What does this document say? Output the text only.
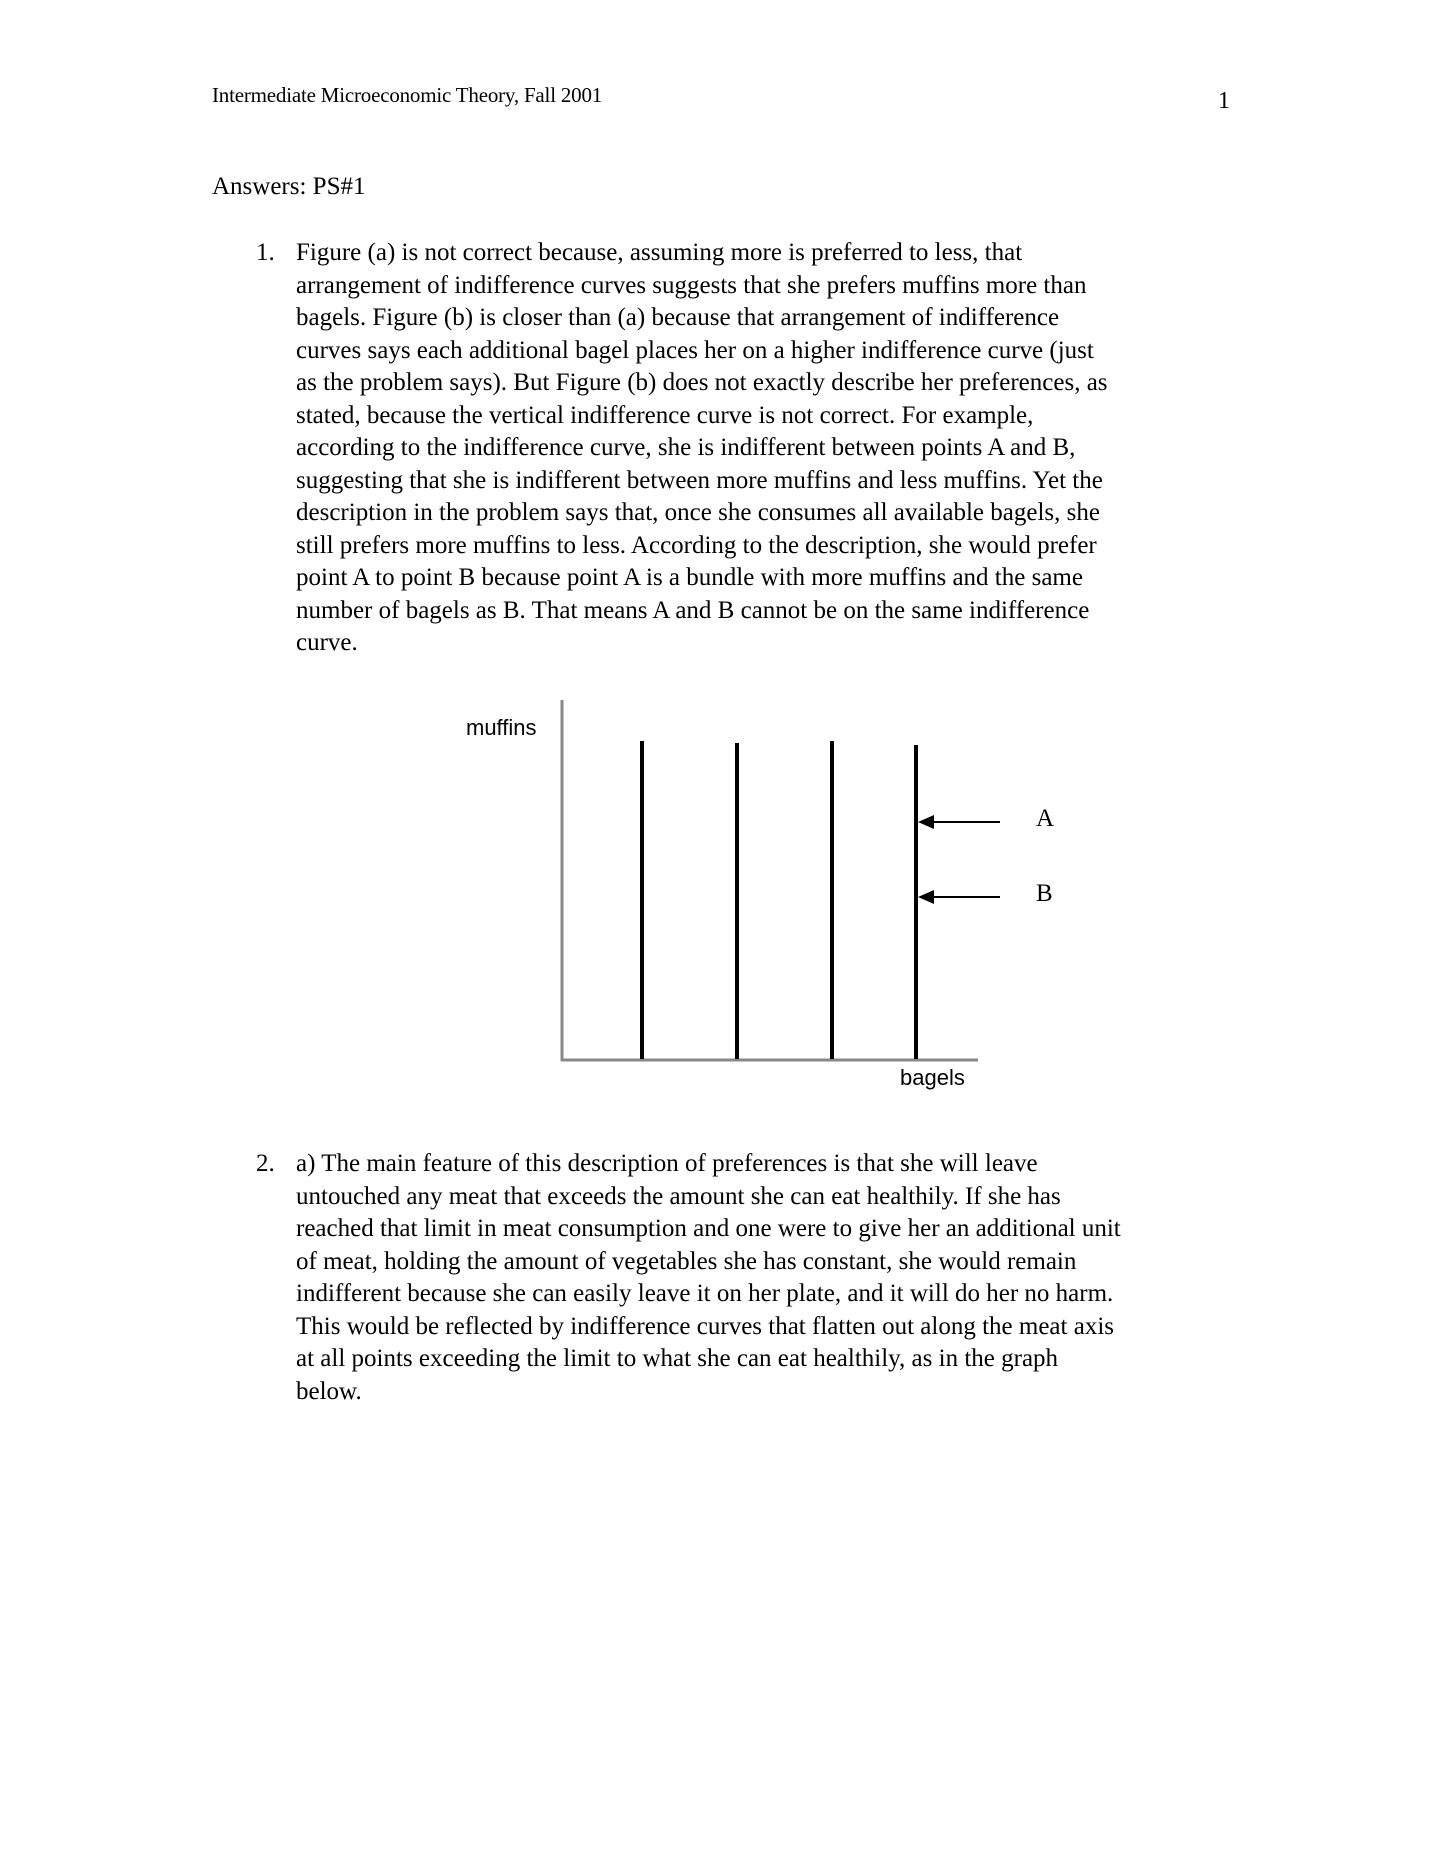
Intermediate Microeconomic Theory, Fall 2001	1
Answers: PS#1
1. Figure (a) is not correct because, assuming more is preferred to less, that
arrangement of indifference curves suggests that she prefers muffins more than
bagels. Figure (b) is closer than (a) because that arrangement of indifference
curves says each additional bagel places her on a higher indifference curve (just
as the problem says). But Figure (b) does not exactly describe her preferences, as
stated, because the vertical indifference curve is not correct. For example,
according to the indifference curve, she is indifferent between points A and B,
suggesting that she is indifferent between more muffins and less muffins. Yet the
description in the problem says that, once she consumes all available bagels, she
still prefers more muffins to less. According to the description, she would prefer
point A to point B because point A is a bundle with more muffins and the same
number of bagels as B. That means A and B cannot be on the same indifference
curve.
muffins
bagels
A
B
2. a) The main feature of this description of preferences is that she will leave
untouched any meat that exceeds the amount she can eat healthily. If she has
reached that limit in meat consumption and one were to give her an additional unit
of meat, holding the amount of vegetables she has constant, she would remain
indifferent because she can easily leave it on her plate, and it will do her no harm.
This would be reflected by indifference curves that flatten out along the meat axis
at all points exceeding the limit to what she can eat healthily, as in the graph
below.
